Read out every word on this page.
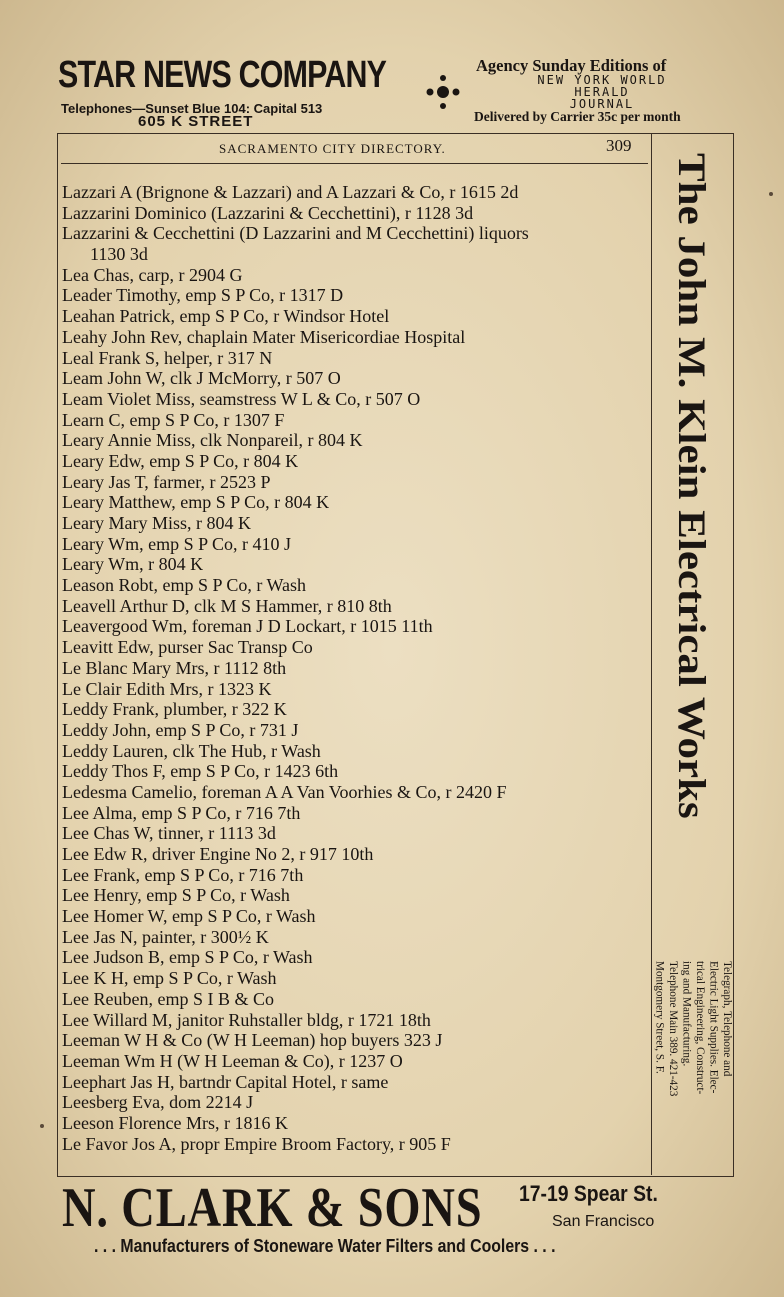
STAR NEWS COMPANY
Telephones—Sunset Blue 104: Capital 513
605 K STREET
Agency Sunday Editions of
NEW YORK WORLD
HERALD
JOURNAL
Delivered by Carrier 35c per month
SACRAMENTO CITY DIRECTORY.	309
Lazzari A (Brignone & Lazzari) and A Lazzari & Co, r 1615 2d
Lazzarini Dominico (Lazzarini & Cecchettini), r 1128 3d
Lazzarini & Cecchettini (D Lazzarini and M Cecchettini) liquors
1130 3d
Lea Chas, carp, r 2904 G
Leader Timothy, emp S P Co, r 1317 D
Leahan Patrick, emp S P Co, r Windsor Hotel
Leahy John Rev, chaplain Mater Misericordiae Hospital
Leal Frank S, helper, r 317 N
Leam John W, clk J McMorry, r 507 O
Leam Violet Miss, seamstress W L & Co, r 507 O
Learn C, emp S P Co, r 1307 F
Leary Annie Miss, clk Nonpareil, r 804 K
Leary Edw, emp S P Co, r 804 K
Leary Jas T, farmer, r 2523 P
Leary Matthew, emp S P Co, r 804 K
Leary Mary Miss, r 804 K
Leary Wm, emp S P Co, r 410 J
Leary Wm, r 804 K
Leason Robt, emp S P Co, r Wash
Leavell Arthur D, clk M S Hammer, r 810 8th
Leavergood Wm, foreman J D Lockart, r 1015 11th
Leavitt Edw, purser Sac Transp Co
Le Blanc Mary Mrs, r 1112 8th
Le Clair Edith Mrs, r 1323 K
Leddy Frank, plumber, r 322 K
Leddy John, emp S P Co, r 731 J
Leddy Lauren, clk The Hub, r Wash
Leddy Thos F, emp S P Co, r 1423 6th
Ledesma Camelio, foreman A A Van Voorhies & Co, r 2420 F
Lee Alma, emp S P Co, r 716 7th
Lee Chas W, tinner, r 1113 3d
Lee Edw R, driver Engine No 2, r 917 10th
Lee Frank, emp S P Co, r 716 7th
Lee Henry, emp S P Co, r Wash
Lee Homer W, emp S P Co, r Wash
Lee Jas N, painter, r 300½ K
Lee Judson B, emp S P Co, r Wash
Lee K H, emp S P Co, r Wash
Lee Reuben, emp S I B & Co
Lee Willard M, janitor Ruhstaller bldg, r 1721 18th
Leeman W H & Co (W H Leeman) hop buyers 323 J
Leeman Wm H (W H Leeman & Co), r 1237 O
Leephart Jas H, bartndr Capital Hotel, r same
Leesberg Eva, dom 2214 J
Leeson Florence Mrs, r 1816 K
Le Favor Jos A, propr Empire Broom Factory, r 905 F
The John M. Klein Electrical Works
Telegraph, Telephone and
Electric Light Supplies. Elec-
trical Engineering, Construct-
ing and Manufacturing.
Telephone Main 389. 421-423
Montgomery Street, S. F.
N. CLARK & SONS 17-19 Spear St.
San Francisco
. . . Manufacturers of Stoneware Water Filters and Coolers . . .
